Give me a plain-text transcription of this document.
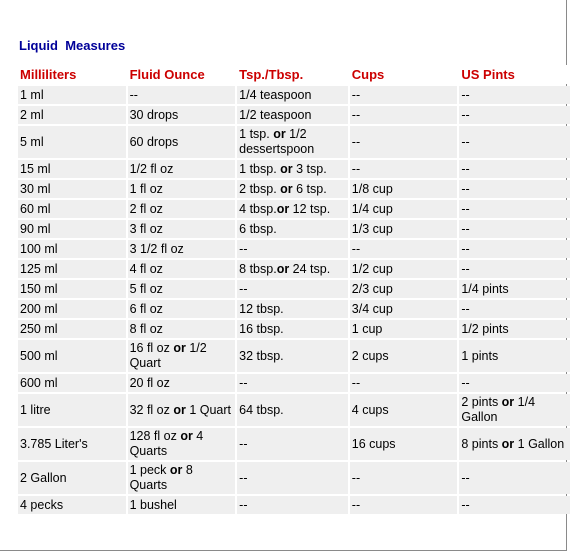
Liquid  Measures
Milliliters	Fluid Ounce	Tsp./Tbsp.	Cups	US Pints
1 ml	--	1/4 teaspoon	--	--
2 ml	30 drops	1/2 teaspoon	--	--
5 ml	60 drops	1 tsp. or 1/2 dessertspoon	--	--
15 ml	1/2 fl oz	1 tbsp. or 3 tsp.	--	--
30 ml	1 fl oz	2 tbsp. or 6 tsp.	1/8 cup	--
60 ml	2 fl oz	4 tbsp.or 12 tsp.	1/4 cup	--
90 ml	3 fl oz	6 tbsp.	1/3 cup	--
100 ml	3 1/2 fl oz	--	--	--
125 ml	4 fl oz	8 tbsp.or 24 tsp.	1/2 cup	--
150 ml	5 fl oz	--	2/3 cup	1/4 pints
200 ml	6 fl oz	12 tbsp.	3/4 cup	--
250 ml	8 fl oz	16 tbsp.	1 cup	1/2 pints
500 ml	16 fl oz or 1/2 Quart	32 tbsp.	2 cups	1 pints
600 ml	20 fl oz	--	--	--
1 litre	32 fl oz or 1 Quart	64 tbsp.	4 cups	2 pints or 1/4 Gallon
3.785 Liter's	128 fl oz or 4 Quarts	--	16 cups	8 pints or 1 Gallon
2 Gallon	1 peck or 8 Quarts	--	--	--
4 pecks	1 bushel	--	--	--
